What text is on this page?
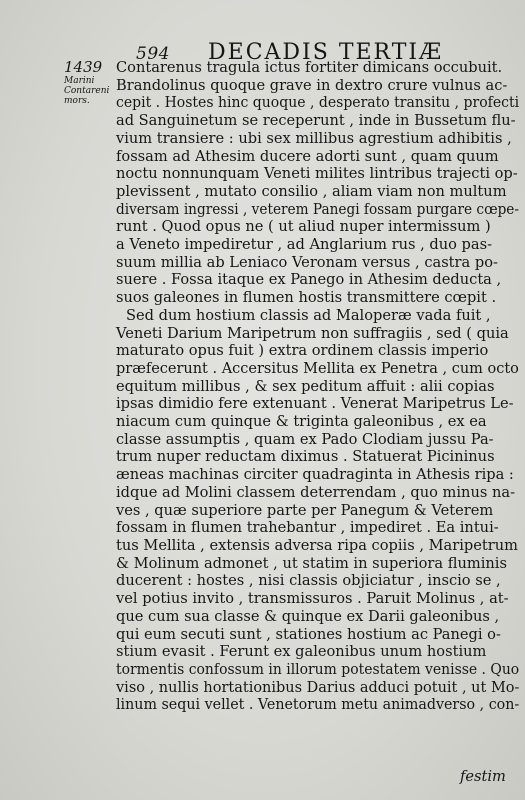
594 DECADIS TERTIÆ
1439
Marini
Contareni
mors.
Contarenus tragula ictus fortiter dimicans occubuit.
Brandolinus quoque grave in dextro crure vulnus ac-
cepit . Hostes hinc quoque , desperato transitu , profecti
ad Sanguinetum se receperunt , inde in Bussetum flu-
vium transiere : ubi sex millibus agrestium adhibitis ,
fossam ad Athesim ducere adorti sunt , quam quum
noctu nonnunquam Veneti milites lintribus trajecti op-
plevissent , mutato consilio , aliam viam non multum
diversam ingressi , veterem Panegi fossam purgare cœpe-
runt . Quod opus ne ( ut aliud nuper intermissum )
a Veneto impediretur , ad Anglarium rus , duo pas-
suum millia ab Leniaco Veronam versus , castra po-
suere . Fossa itaque ex Panego in Athesim deducta ,
suos galeones in flumen hostis transmittere cœpit .
Sed dum hostium classis ad Maloperæ vada fuit ,
Veneti Darium Maripetrum non suffragiis , sed ( quia
maturato opus fuit ) extra ordinem classis imperio
præfecerunt . Accersitus Mellita ex Penetra , cum octo
equitum millibus , & sex peditum affuit : alii copias
ipsas dimidio fere extenuant . Venerat Maripetrus Le-
niacum cum quinque & triginta galeonibus , ex ea
classe assumptis , quam ex Pado Clodiam jussu Pa-
trum nuper reductam diximus . Statuerat Picininus
æneas machinas circiter quadraginta in Athesis ripa :
idque ad Molini classem deterrendam , quo minus na-
ves , quæ superiore parte per Panegum & Veterem
fossam in flumen trahebantur , impediret . Ea intui-
tus Mellita , extensis adversa ripa copiis , Maripetrum
& Molinum admonet , ut statim in superiora fluminis
ducerent : hostes , nisi classis objiciatur , inscio se ,
vel potius invito , transmissuros . Paruit Molinus , at-
que cum sua classe & quinque ex Darii galeonibus ,
qui eum secuti sunt , stationes hostium ac Panegi o-
stium evasit . Ferunt ex galeonibus unum hostium
tormentis confossum in illorum potestatem venisse . Quo
viso , nullis hortationibus Darius adduci potuit , ut Mo-
linum sequi vellet . Venetorum metu animadverso , con-
festim
